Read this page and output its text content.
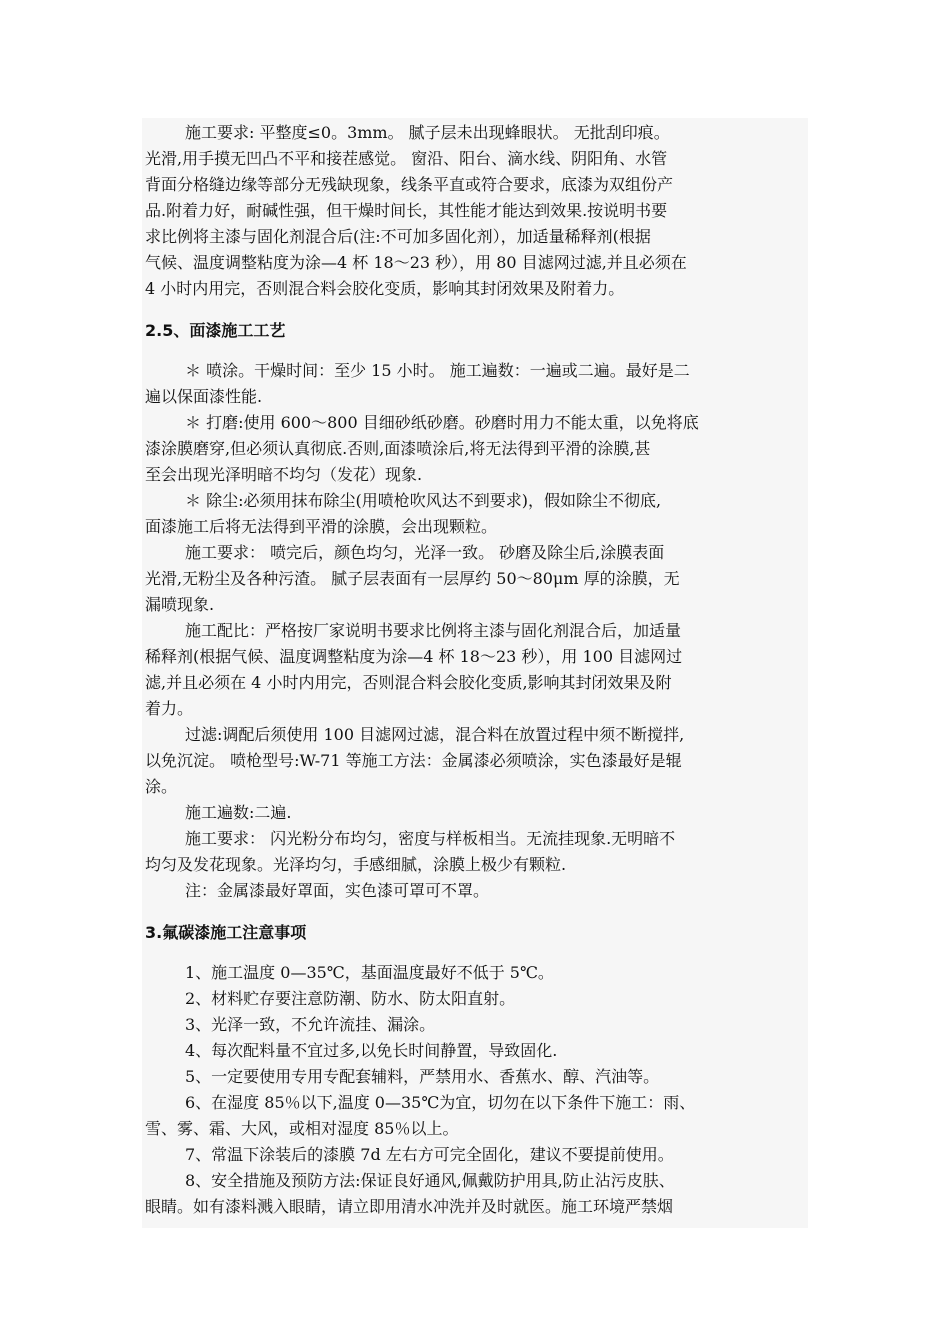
施工要求: 平整度≤0。3mm。 腻子层未出现蜂眼状。 无批刮印痕。
光滑,用手摸无凹凸不平和接茬感觉。 窗沿、阳台、滴水线、阴阳角、水管
背面分格缝边缘等部分无残缺现象，线条平直或符合要求，底漆为双组份产
品.附着力好，耐碱性强，但干燥时间长，其性能才能达到效果.按说明书要
求比例将主漆与固化剂混合后(注:不可加多固化剂），加适量稀释剂(根据
气候、温度调整粘度为涂—4 杯 18～23 秒），用 80 目滤网过滤,并且必须在
4 小时内用完，否则混合料会胶化变质，影响其封闭效果及附着力。
2.5、面漆施工工艺
＊ 喷涂。干燥时间：至少 15 小时。 施工遍数：一遍或二遍。最好是二
遍以保面漆性能.
＊ 打磨:使用 600～800 目细砂纸砂磨。砂磨时用力不能太重，以免将底
漆涂膜磨穿,但必须认真彻底.否则,面漆喷涂后,将无法得到平滑的涂膜,甚
至会出现光泽明暗不均匀（发花）现象.
＊ 除尘:必须用抹布除尘(用喷枪吹风达不到要求)，假如除尘不彻底,
面漆施工后将无法得到平滑的涂膜，会出现颗粒。
施工要求： 喷完后，颜色均匀，光泽一致。 砂磨及除尘后,涂膜表面
光滑,无粉尘及各种污渣。 腻子层表面有一层厚约 50～80μm 厚的涂膜，无
漏喷现象.
施工配比：严格按厂家说明书要求比例将主漆与固化剂混合后，加适量
稀释剂(根据气候、温度调整粘度为涂—4 杯 18～23 秒），用 100 目滤网过
滤,并且必须在 4 小时内用完，否则混合料会胶化变质,影响其封闭效果及附
着力。
过滤:调配后须使用 100 目滤网过滤，混合料在放置过程中须不断搅拌,
以免沉淀。 喷枪型号:W-71 等施工方法：金属漆必须喷涂，实色漆最好是辊
涂。
施工遍数:二遍.
施工要求： 闪光粉分布均匀，密度与样板相当。无流挂现象.无明暗不
均匀及发花现象。光泽均匀，手感细腻，涂膜上极少有颗粒.
注：金属漆最好罩面，实色漆可罩可不罩。
3.氟碳漆施工注意事项
1、施工温度 0—35℃，基面温度最好不低于 5℃。
2、材料贮存要注意防潮、防水、防太阳直射。
3、光泽一致，不允许流挂、漏涂。
4、每次配料量不宜过多,以免长时间静置，导致固化.
5、一定要使用专用专配套辅料，严禁用水、香蕉水、醇、汽油等。
6、在湿度 85％以下,温度 0—35℃为宜，切勿在以下条件下施工：雨、
雪、雾、霜、大风，或相对湿度 85％以上。
7、常温下涂装后的漆膜 7d 左右方可完全固化，建议不要提前使用。
8、安全措施及预防方法:保证良好通风,佩戴防护用具,防止沾污皮肤、
眼睛。如有漆料溅入眼睛，请立即用清水冲洗并及时就医。施工环境严禁烟
